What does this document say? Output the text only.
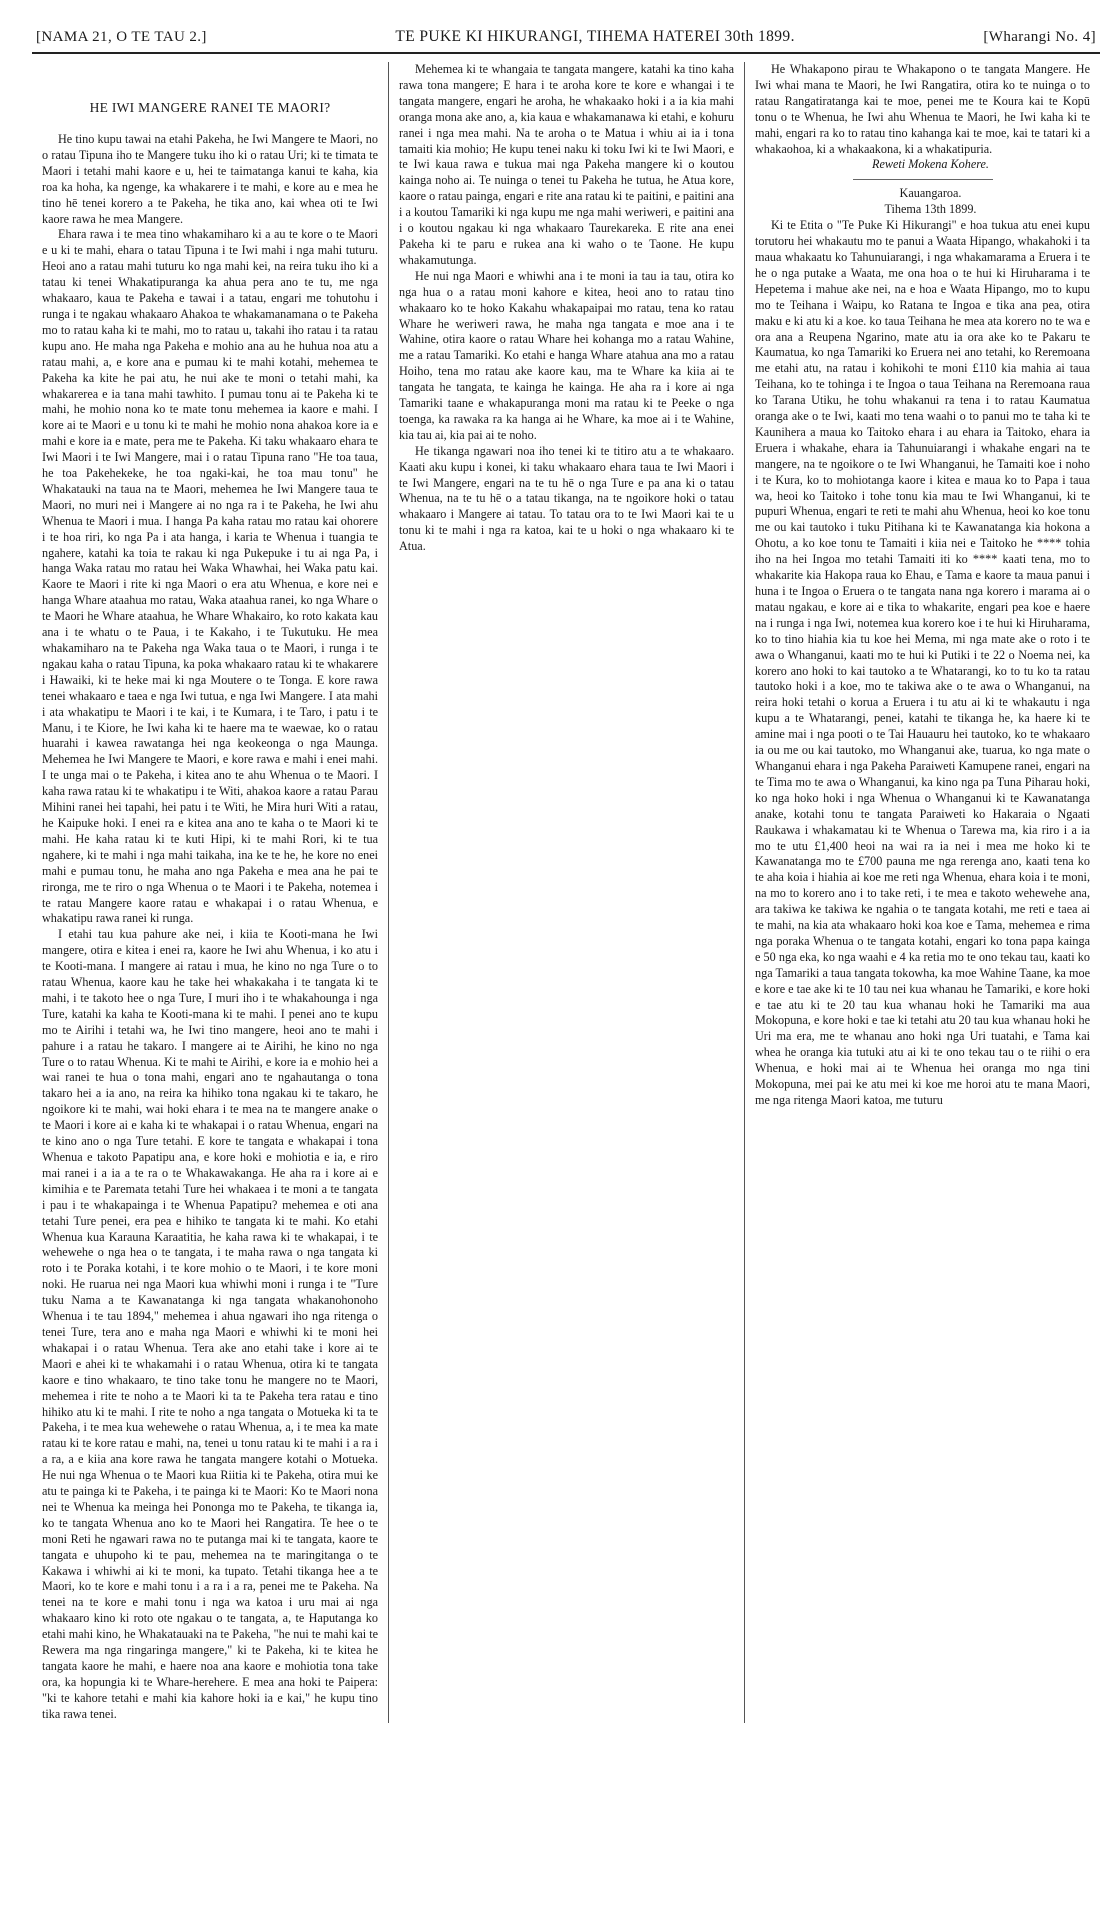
[NAMA 21, O TE TAU 2.]	TE PUKE KI HIKURANGI, TIHEMA HATEREI 30th 1899.	[Wharangi No. 4]
HE IWI MANGERE RANEI TE MAORI?

He tino kupu tawai na etahi Pakeha, he Iwi Mangere te Maori, no o ratau Tipuna iho te Mangere tuku iho ki o ratau Uri; ki te timata te Maori i tetahi mahi kaore e u, hei te taimatanga kanui te kaha, kia roa ka hoha, ka ngenge, ka whakarere i te mahi, e kore au e mea he tino hē tenei korero a te Pakeha, he tika ano, kai whea oti te Iwi kaore rawa he mea Mangere.

Ehara rawa i te mea tino whakamiharo ki a au te kore o te Maori e u ki te mahi, ehara o tatau Tipuna i te Iwi mahi i nga mahi tuturu. Heoi ano a ratau mahi tuturu ko nga mahi kei, na reira tuku iho ki a tatau ki tenei Whakatipuranga ka ahua pera ano te tu, me nga whakaaro, kaua te Pakeha e tawai i a tatau, engari me tohutohu i runga i te ngakau whakaaro Ahakoa te whakamanamana o te Pakeha mo to ratau kaha ki te mahi, mo to ratau u, takahi iho ratau i ta ratau kupu ano. He maha nga Pakeha e mohio ana au he huhua noa atu a ratau mahi, a, e kore ana e pumau ki te mahi kotahi, mehemea te Pakeha ka kite he pai atu, he nui ake te moni o tetahi mahi, ka whakarerea e ia tana mahi tawhito. I pumau tonu ai te Pakeha ki te mahi, he mohio nona ko te mate tonu mehemea ia kaore e mahi. I kore ai te Maori e u tonu ki te mahi he mohio nona ahakoa kore ia e mahi e kore ia e mate, pera me te Pakeha. Ki taku whakaaro ehara te Iwi Maori i te Iwi Mangere, mai i o ratau Tipuna rano "He toa taua, he toa Pakehekeke, he toa ngaki-kai, he toa mau tonu" he Whakatauki na taua na te Maori, mehemea he Iwi Mangere taua te Maori, no muri nei i Mangere ai no nga ra i te Pakeha, he Iwi ahu Whenua te Maori i mua. I hanga Pa kaha ratau mo ratau kai ohorere i te hoa riri, ko nga Pa i ata hanga, i karia te Whenua i tuangia te ngahere, katahi ka toia te rakau ki nga Pukepuke i tu ai nga Pa, i hanga Waka ratau mo ratau hei Waka Whawhai, hei Waka patu kai. Kaore te Maori i rite ki nga Maori o era atu Whenua, e kore nei e hanga Whare ataahua mo ratau, Waka ataahua ranei, ko nga Whare o te Maori he Whare ataahua, he Whare Whakairo, ko roto kakata kau ana i te whatu o te Paua, i te Kakaho, i te Tukutuku. He mea whakamiharo na te Pakeha nga Waka taua o te Maori, i runga i te ngakau kaha o ratau Tipuna, ka poka whakaaro ratau ki te whakarere i Hawaiki, ki te heke mai ki nga Moutere o te Tonga. E kore rawa tenei whakaaro e taea e nga Iwi tutua, e nga Iwi Mangere. I ata mahi i ata whakatipu te Maori i te kai, i te Kumara, i te Taro, i patu i te Manu, i te Kiore, he Iwi kaha ki te haere ma te waewae, ko o ratau huarahi i kawea rawatanga hei nga keokeonga o nga Maunga. Mehemea he Iwi Mangere te Maori, e kore rawa e mahi i enei mahi. I te unga mai o te Pakeha, i kitea ano te ahu Whenua o te Maori. I kaha rawa ratau ki te whakatipu i te Witi, ahakoa kaore a ratau Parau Mihini ranei hei tapahi, hei patu i te Witi, he Mira huri Witi a ratau, he Kaipuke hoki. I enei ra e kitea ana ano te kaha o te Maori ki te mahi. He kaha ratau ki te kuti Hipi, ki te mahi Rori, ki te tua ngahere, ki te mahi i nga mahi taikaha, ina ke te he, he kore no enei mahi e pumau tonu, he maha ano nga Pakeha e mea ana he pai te rironga, me te riro o nga Whenua o te Maori i te Pakeha, notemea i te ratau Mangere kaore ratau e whakapai i o ratau Whenua, e whakatipu rawa ranei ki runga.

I etahi tau kua pahure ake nei, i kiia te Kooti-mana he Iwi mangere, otira e kitea i enei ra, kaore he Iwi ahu Whenua, i ko atu i te Kooti-mana. I mangere ai ratau i mua, he kino no nga Ture o to ratau Whenua, kaore kau he take hei whakakaha i te tangata ki te mahi, i te takoto hee o nga Ture, I muri iho i te whakahounga i nga Ture, katahi ka kaha te Kooti-mana ki te mahi. I penei ano te kupu mo te Airihi i tetahi wa, he Iwi tino mangere, heoi ano te mahi i pahure i a ratau he takaro. I mangere ai te Airihi, he kino no nga Ture o to ratau Whenua. Ki te mahi te Airihi, e kore ia e mohio hei a wai ranei te hua o tona mahi, engari ano te ngahautanga o tona takaro hei a ia ano, na reira ka hihiko tona ngakau ki te takaro, he ngoikore ki te mahi, wai hoki ehara i te mea na te mangere anake o te Maori i kore ai e kaha ki te whakapai i o ratau Whenua, engari na te kino ano o nga Ture tetahi. E kore te tangata e whakapai i tona Whenua e takoto Papatipu ana, e kore hoki e mohiotia e ia, e riro mai ranei i a ia a te ra o te Whakawakanga. He aha ra i kore ai e kimihia e te Paremata tetahi Ture hei whakaea i te moni a te tangata i pau i te whakapainga i te Whenua Papatipu? mehemea e oti ana tetahi Ture penei, era pea e hihiko te tangata ki te mahi. Ko etahi Whenua kua Karauna Karaatitia, he kaha rawa ki te whakapai, i te wehewehe o nga hea o te tangata, i te maha rawa o nga tangata ki roto i te Poraka kotahi, i te kore mohio o te Maori, i te kore moni noki. He ruarua nei nga Maori kua whiwhi moni i runga i te "Ture tuku Nama a te Kawanatanga ki nga tangata whakanohonoho Whenua i te tau 1894," mehemea i ahua ngawari iho nga ritenga o tenei Ture, tera ano e maha nga Maori e whiwhi ki te moni hei whakapai i o ratau Whenua. Tera ake ano etahi take i kore ai te Maori e ahei ki te whakamahi i o ratau Whenua, otira ki te tangata kaore e tino whakaaro, te tino take tonu he mangere no te Maori, mehemea i rite te noho a te Maori ki ta te Pakeha tera ratau e tino hihiko atu ki te mahi. I rite te noho a nga tangata o Motueka ki ta te Pakeha, i te mea kua wehewehe o ratau Whenua, a, i te mea ka mate ratau ki te kore ratau e mahi, na, tenei u tonu ratau ki te mahi i a ra i a ra, a e kiia ana kore rawa he tangata mangere kotahi o Motueka. He nui nga Whenua o te Maori kua Riitia ki te Pakeha, otira mui ke atu te painga ki te Pakeha, i te painga ki te Maori: Ko te Maori nona nei te Whenua ka meinga hei Pononga mo te Pakeha, te tikanga ia, ko te tangata Whenua ano ko te Maori hei Rangatira. Te hee o te moni Reti he ngawari rawa no te putanga mai ki te tangata, kaore te tangata e uhupoho ki te pau, mehemea na te maringitanga o te Kakawa i whiwhi ai ki te moni, ka tupato. Tetahi tikanga hee a te Maori, ko te kore e mahi tonu i a ra i a ra, penei me te Pakeha. Na tenei na te kore e mahi tonu i nga wa katoa i uru mai ai nga whakaaro kino ki roto ote ngakau o te tangata, a, te Haputanga ko etahi mahi kino, he Whakatauaki na te Pakeha, "he nui te mahi kai te Rewera ma nga ringaringa mangere," ki te Pakeha, ki te kitea he tangata kaore he mahi, e haere noa ana kaore e mohiotia tona take ora, ka hopungia ki te Whare-herehere. E mea ana hoki te Paipera: "ki te kahore tetahi e mahi kia kahore hoki ia e kai," he kupu tino tika rawa tenei.

Mehemea ki te whangaia te tangata mangere, katahi ka tino kaha rawa tona mangere; E hara i te aroha kore te kore e whangai i te tangata mangere, engari he aroha, he whakaako hoki i a ia kia mahi oranga mona ake ano, a, kia kaua e whakamanawa ki etahi, e kohuru ranei i nga mea mahi. Na te aroha o te Matua i whiu ai ia i tona tamaiti kia mohio; He kupu tenei naku ki toku Iwi ki te Iwi Maori, e te Iwi kaua rawa e tukua mai nga Pakeha mangere ki o koutou kainga noho ai. Te nuinga o tenei tu Pakeha he tutua, he Atua kore, kaore o ratau painga, engari e rite ana ratau ki te paitini, e paitini ana i a koutou Tamariki ki nga kupu me nga mahi weriweri, e paitini ana i o koutou ngakau ki nga whakaaro Taurekareka. E rite ana enei Pakeha ki te paru e rukea ana ki waho o te Taone. He kupu whakamutunga.

He nui nga Maori e whiwhi ana i te moni ia tau ia tau, otira ko nga hua o a ratau moni kahore e kitea, heoi ano to ratau tino whakaaro ko te hoko Kakahu whakapaipai mo ratau, tena ko ratau Whare he weriweri rawa, he maha nga tangata e moe ana i te Wahine, otira kaore o ratau Whare hei kohanga mo a ratau Wahine, me a ratau Tamariki. Ko etahi e hanga Whare atahua ana mo a ratau Hoiho, tena mo ratau ake kaore kau, ma te Whare ka kiia ai te tangata he tangata, te kainga he kainga. He aha ra i kore ai nga Tamariki taane e whakapuranga moni ma ratau ki te Peeke o nga toenga, ka rawaka ra ka hanga ai he Whare, ka moe ai i te Wahine, kia tau ai, kia pai ai te noho.

He tikanga ngawari noa iho tenei ki te titiro atu a te whakaaro. Kaati aku kupu i konei, ki taku whakaaro ehara taua te Iwi Maori i te Iwi Mangere, engari na te tu hē o nga Ture e pa ana ki o tatau Whenua, na te tu hē o a tatau tikanga, na te ngoikore hoki o tatau whakaaro i Mangere ai tatau. To tatau ora to te Iwi Maori kai te u tonu ki te mahi i nga ra katoa, kai te u hoki o nga whakaaro ki te Atua.

He Whakapono pirau te Whakapono o te tangata Mangere. He Iwi whai mana te Maori, he Iwi Rangatira, otira ko te nuinga o to ratau Rangatiratanga kai te moe, penei me te Koura kai te Kopū tonu o te Whenua, he Iwi ahu Whenua te Maori, he Iwi kaha ki te mahi, engari ra ko to ratau tino kahanga kai te moe, kai te tatari ki a whakaohoa, ki a whakaakona, ki a whakatipuria.

Reweti Mokena Kohere.

Kauangaroa.

Tihema 13th 1899.

Ki te Etita o "Te Puke Ki Hikurangi" e hoa tukua atu enei kupu torutoru hei whakautu mo te panui a Waata Hipango, whakahoki i ta maua whakaatu ko Tahunuiarangi, i nga whakamarama a Eruera i te he o nga putake a Waata, me ona hoa o te hui ki Hiruharama i te Hepetema i mahue ake nei, na e hoa e Waata Hipango, mo to kupu mo te Teihana i Waipu, ko Ratana te Ingoa e tika ana pea, otira maku e ki atu ki a koe. ko taua Teihana he mea ata korero no te wa e ora ana a Reupena Ngarino, mate atu ia ora ake ko te Pakaru te Kaumatua, ko nga Tamariki ko Eruera nei ano tetahi, ko Reremoana me etahi atu, na ratau i kohikohi te moni £110 kia mahia ai taua Teihana, ko te tohinga i te Ingoa o taua Teihana na Reremoana raua ko Tarana Utiku, he tohu whakanui ra tena i to ratau Kaumatua oranga ake o te Iwi, kaati mo tena waahi o to panui mo te taha ki te Kaunihera a maua ko Taitoko ehara i au ehara ia Taitoko, ehara ia Eruera i whakahe, ehara ia Tahunuiarangi i whakahe engari na te mangere, na te ngoikore o te Iwi Whanganui, he Tamaiti koe i noho i te Kura, ko to mohiotanga kaore i kitea e maua ko to Papa i taua wa, heoi ko Taitoko i tohe tonu kia mau te Iwi Whanganui, ki te pupuri Whenua, engari te reti te mahi ahu Whenua, heoi ko koe tonu me ou kai tautoko i tuku Pitihana ki te Kawanatanga kia hokona a Ohotu, a ko koe tonu te Tamaiti i kiia nei e Taitoko he **** tohia iho na hei Ingoa mo tetahi Tamaiti iti ko **** kaati tena, mo to whakarite kia Hakopa raua ko Ehau, e Tama e kaore ta maua panui i huna i te Ingoa o Eruera o te tangata nana nga korero i marama ai o matau ngakau, e kore ai e tika to whakarite, engari pea koe e haere na i runga i nga Iwi, notemea kua korero koe i te hui ki Hiruharama, ko to tino hiahia kia tu koe hei Mema, mi nga mate ake o roto i te awa o Whanganui, kaati mo te hui ki Putiki i te 22 o Noema nei, ka korero ano hoki to kai tautoko a te Whatarangi, ko to tu ko ta ratau tautoko hoki i a koe, mo te takiwa ake o te awa o Whanganui, na reira hoki tetahi o korua a Eruera i tu atu ai ki te whakautu i nga kupu a te Whatarangi, penei, katahi te tikanga he, ka haere ki te amine mai i nga pooti o te Tai Hauauru hei tautoko, ko te whakaaro ia ou me ou kai tautoko, mo Whanganui ake, tuarua, ko nga mate o Whanganui ehara i nga Pakeha Paraiweti Kamupene ranei, engari na te Tima mo te awa o Whanganui, ka kino nga pa Tuna Piharau hoki, ko nga hoko hoki i nga Whenua o Whanganui ki te Kawanatanga anake, kotahi tonu te tangata Paraiweti ko Hakaraia o Ngaati Raukawa i whakamatau ki te Whenua o Tarewa ma, kia riro i a ia mo te utu £1,400 heoi na wai ra ia nei i mea me hoko ki te Kawanatanga mo te £700 pauna me nga rerenga ano, kaati tena ko te aha koia i hiahia ai koe me reti nga Whenua, ehara koia i te moni, na mo to korero ano i to take reti, i te mea e takoto wehewehe ana, ara takiwa ke takiwa ke ngahia o te tangata kotahi, me reti e taea ai te mahi, na kia ata whakaaro hoki koa koe e Tama, mehemea e rima nga poraka Whenua o te tangata kotahi, engari ko tona papa kainga e 50 nga eka, ko nga waahi e 4 ka retia mo te ono tekau tau, kaati ko nga Tamariki a taua tangata tokowha, ka moe Wahine Taane, ka moe e kore e tae ake ki te 10 tau nei kua whanau he Tamariki, e kore hoki e tae atu ki te 20 tau kua whanau hoki he Tamariki ma aua Mokopuna, e kore hoki e tae ki tetahi atu 20 tau kua whanau hoki he Uri ma era, me te whanau ano hoki nga Uri tuatahi, e Tama kai whea he oranga kia tutuki atu ai ki te ono tekau tau o te riihi o era Whenua, e hoki mai ai te Whenua hei oranga mo nga tini Mokopuna, mei pai ke atu mei ki koe me horoi atu te mana Maori, me nga ritenga Maori katoa, me tuturu
